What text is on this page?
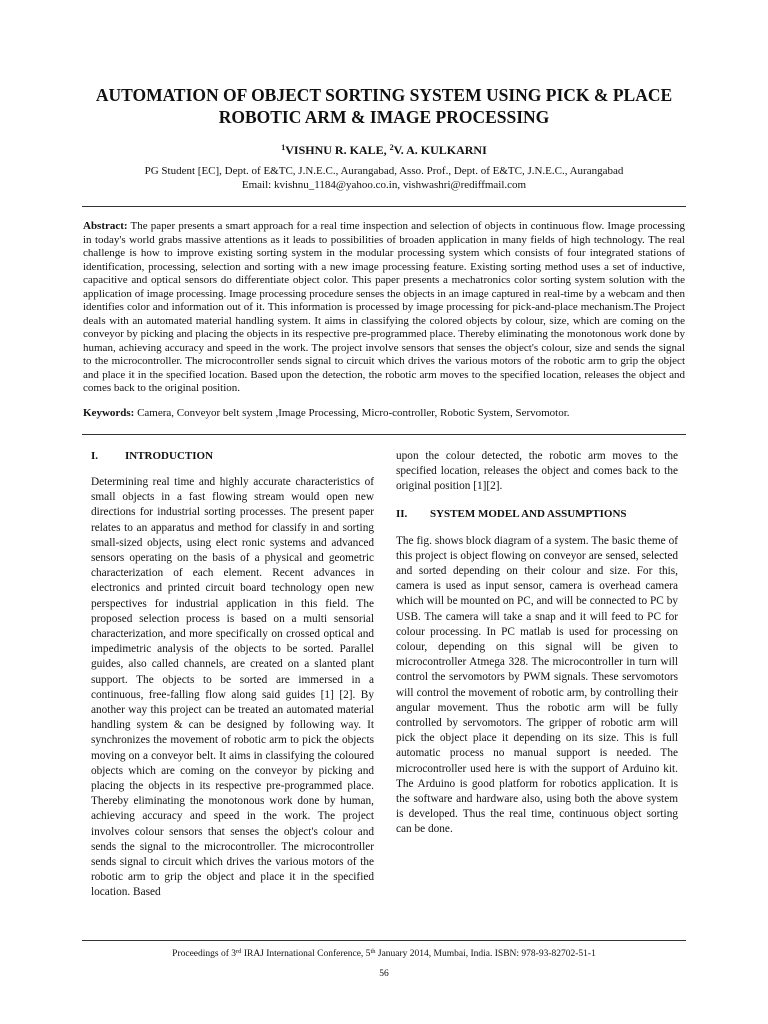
AUTOMATION OF OBJECT SORTING SYSTEM USING PICK & PLACE ROBOTIC ARM & IMAGE PROCESSING
$^1$VISHNU R. KALE, $^2$V. A. KULKARNI
PG Student [EC], Dept. of E&TC, J.N.E.C., Aurangabad, Asso. Prof., Dept. of E&TC, J.N.E.C., Aurangabad
Email: kvishnu_1184@yahoo.co.in, vishwashri@rediffmail.com

Abstract: The paper presents a smart approach for a real time inspection and selection of objects in continuous flow. Image processing in today's world grabs massive attentions as it leads to possibilities of broaden application in many fields of high technology. The real challenge is how to improve existing sorting system in the modular processing system which consists of four integrated stations of identification, processing, selection and sorting with a new image processing feature. Existing sorting method uses a set of inductive, capacitive and optical sensors do differentiate object color. This paper presents a mechatronics color sorting system solution with the application of image processing. Image processing procedure senses the objects in an image captured in real-time by a webcam and then identifies color and information out of it. This information is processed by image processing for pick-and-place mechanism.The Project deals with an automated material handling system. It aims in classifying the colored objects by colour, size, which are coming on the conveyor by picking and placing the objects in its respective pre-programmed place. Thereby eliminating the monotonous work done by human, achieving accuracy and speed in the work. The project involve sensors that senses the object's colour, size and sends the signal to the microcontroller. The microcontroller sends signal to circuit which drives the various motors of the robotic arm to grip the object and place it in the specified location. Based upon the detection, the robotic arm moves to the specified location, releases the object and comes back to the original position.

Keywords: Camera, Conveyor belt system ,Image Processing, Micro-controller, Robotic System, Servomotor.

I.	INTRODUCTION

Determining real time and highly accurate characteristics of small objects in a fast flowing stream would open new directions for industrial sorting processes. The present paper relates to an apparatus and method for classify in and sorting small-sized objects, using elect ronic systems and advanced sensors operating on the basis of a physical and geometric characterization of each element. Recent advances in electronics and printed circuit board technology open new perspectives for industrial application in this field. The proposed selection process is based on a multi sensorial characterization, and more specifically on crossed optical and impedimetric analysis of the objects to be sorted. Parallel guides, also called channels, are created on a slanted plant support. The objects to be sorted are immersed in a continuous, free-falling flow along said guides [1] [2]. By another way this project can be treated an automated material handling system & can be designed by following way. It synchronizes the movement of robotic arm to pick the objects moving on a conveyor belt. It aims in classifying the coloured objects which are coming on the conveyor by picking and placing the objects in its respective pre-programmed place. Thereby eliminating the monotonous work done by human, achieving accuracy and speed in the work. The project involves colour sensors that senses the object's colour and sends the signal to the microcontroller. The microcontroller sends signal to circuit which drives the various motors of the robotic arm to grip the object and place it in the specified location. Based

upon the colour detected, the robotic arm moves to the specified location, releases the object and comes back to the original position [1][2].

II.	SYSTEM MODEL AND ASSUMPTIONS

The fig. shows block diagram of a system. The basic theme of this project is object flowing on conveyor are sensed, selected and sorted depending on their colour and size. For this, camera is used as input sensor, camera is overhead camera which will be mounted on PC, and will be connected to PC by USB. The camera will take a snap and it will feed to PC for colour processing. In PC matlab is used for processing on colour, depending on this signal will be given to microcontroller Atmega 328. The microcontroller in turn will control the servomotors by PWM signals. These servomotors will control the movement of robotic arm, by controlling their angular movement. Thus the robotic arm will be fully controlled by servomotors. The gripper of robotic arm will pick the object place it depending on its size. This is full automatic process no manual support is needed. The microcontroller used here is with the support of Arduino kit. The Arduino is good platform for robotics application. It is the software and hardware also, using both the above system is developed. Thus the real time, continuous object sorting can be done.

Proceedings of 3rd IRAJ International Conference, 5th January 2014, Mumbai, India. ISBN: 978-93-82702-51-1
56
